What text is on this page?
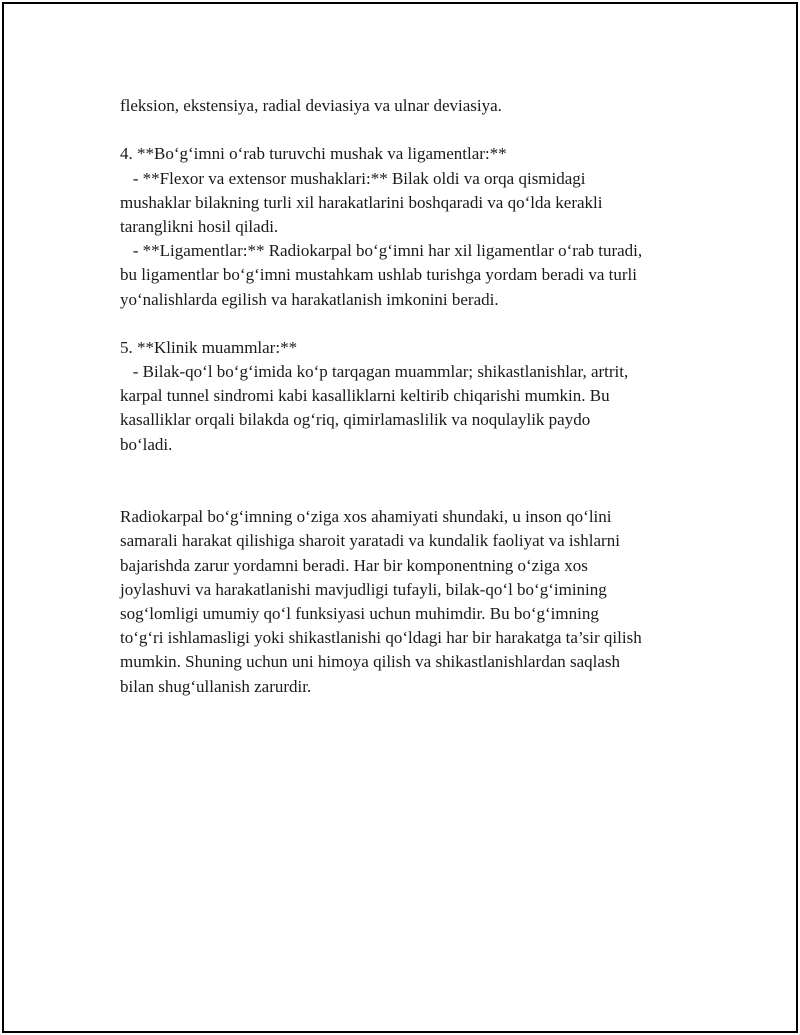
fleksion, ekstensiya, radial deviasiya va ulnar deviasiya.
4. **Bo‘g‘imni o‘rab turuvchi mushak va ligamentlar:**
- **Flexor va extensor mushaklari:** Bilak oldi va orqa qismidagi
mushaklar bilakning turli xil harakatlarini boshqaradi va qo‘lda kerakli
taranglikni hosil qiladi.
- **Ligamentlar:** Radiokarpal bo‘g‘imni har xil ligamentlar o‘rab turadi,
bu ligamentlar bo‘g‘imni mustahkam ushlab turishga yordam beradi va turli
yo‘nalishlarda egilish va harakatlanish imkonini beradi.
5. **Klinik muammlar:**
- Bilak-qo‘l bo‘g‘imida ko‘p tarqagan muammlar; shikastlanishlar, artrit,
karpal tunnel sindromi kabi kasalliklarni keltirib chiqarishi mumkin. Bu
kasalliklar orqali bilakda og‘riq, qimirlamaslilik va noqulaylik paydo
bo‘ladi.
Radiokarpal bo‘g‘imning o‘ziga xos ahamiyati shundaki, u inson qo‘lini
samarali harakat qilishiga sharoit yaratadi va kundalik faoliyat va ishlarni
bajarishda zarur yordamni beradi. Har bir komponentning o‘ziga xos
joylashuvi va harakatlanishi mavjudligi tufayli, bilak-qo‘l bo‘g‘imining
sog‘lomligi umumiy qo‘l funksiyasi uchun muhimdir. Bu bo‘g‘imning
to‘g‘ri ishlamasligi yoki shikastlanishi qo‘ldagi har bir harakatga ta’sir qilish
mumkin. Shuning uchun uni himoya qilish va shikastlanishlardan saqlash
bilan shug‘ullanish zarurdir.
